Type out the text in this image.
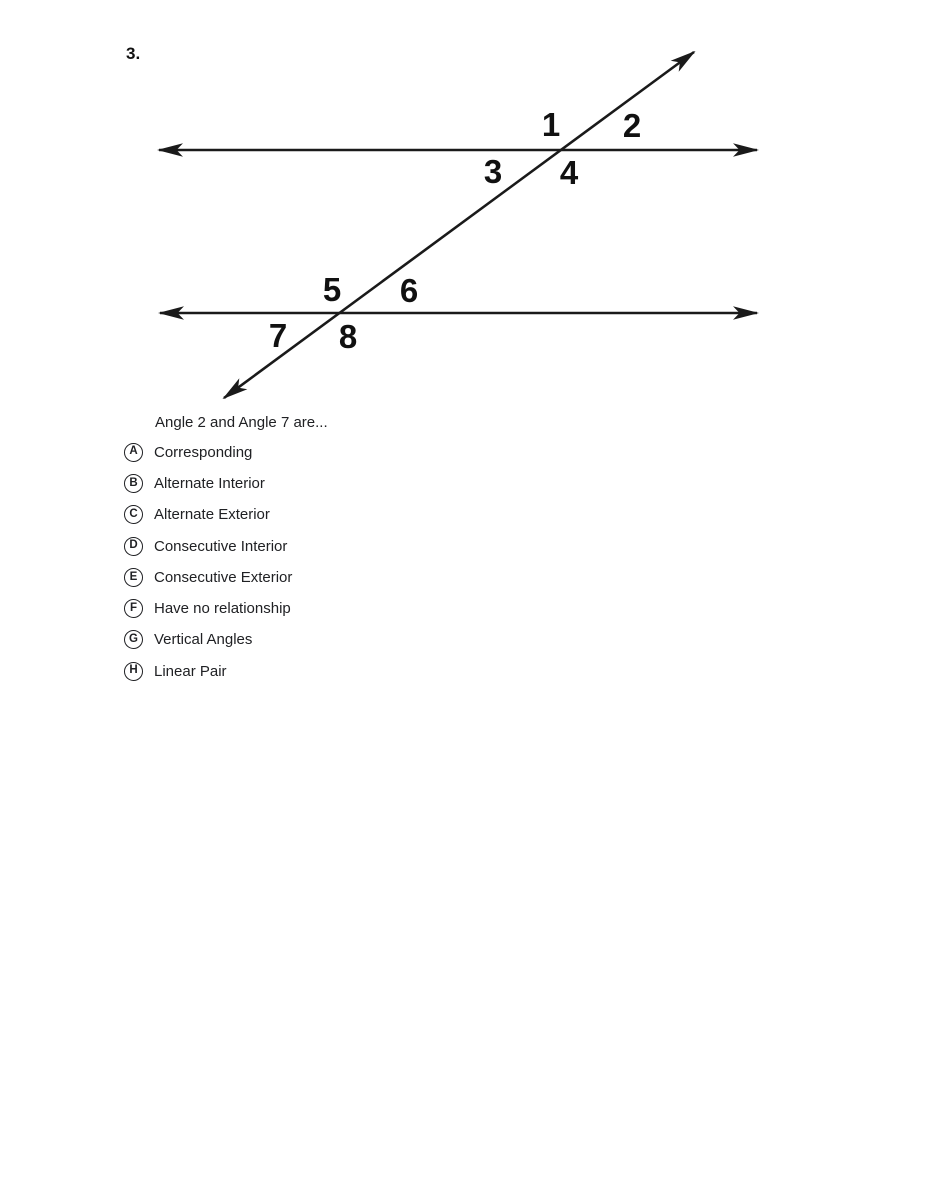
3.
1 2
3 4
5 6
7 8
Angle 2 and Angle 7 are...
A	Corresponding
B	Alternate Interior
C	Alternate Exterior
D	Consecutive Interior
E	Consecutive Exterior
F	Have no relationship
G	Vertical Angles
H	Linear Pair
